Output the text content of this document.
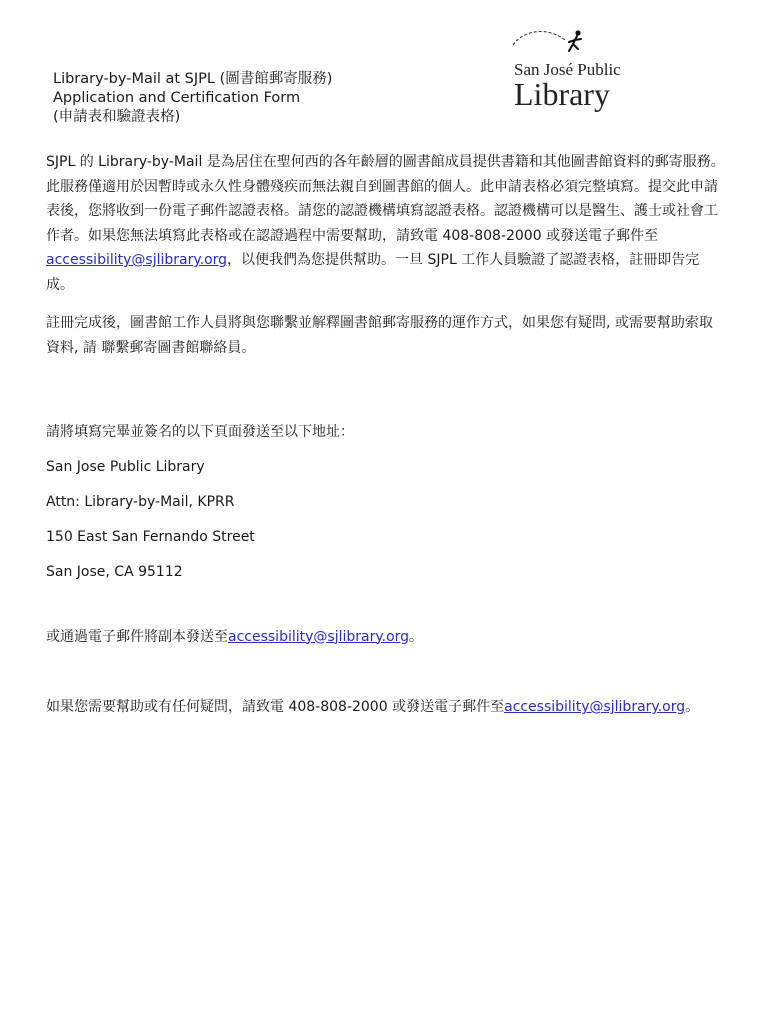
Library-by-Mail at SJPL (圖書館郵寄服務)
Application and Certification Form
(申請表和驗證表格)
San José Public
Library

SJPL 的 Library-by-Mail 是為居住在聖何西的各年齡層的圖書館成員提供書籍和其他圖書館資料的郵寄服務。此服務僅適用於因暫時或永久性身體殘疾而無法親自到圖書館的個人。此申請表格必須完整填寫。提交此申請表後，您將收到一份電子郵件認證表格。請您的認證機構填寫認證表格。認證機構可以是醫生、護士或社會工作者。如果您無法填寫此表格或在認證過程中需要幫助，請致電 408-808-2000 或發送電子郵件至accessibility@sjlibrary.org，以便我們為您提供幫助。一旦 SJPL 工作人員驗證了認證表格，註冊即告完成。

註冊完成後，圖書館工作人員將與您聯繫並解釋圖書館郵寄服務的運作方式，如果您有疑問, 或需要幫助索取資料, 請 聯繫郵寄圖書館聯絡員。

請將填寫完畢並簽名的以下頁面發送至以下地址：

San Jose Public Library

Attn: Library-by-Mail, KPRR

150 East San Fernando Street

San Jose, CA 95112

或通過電子郵件將副本發送至accessibility@sjlibrary.org。

如果您需要幫助或有任何疑問，請致電 408-808-2000 或發送電子郵件至accessibility@sjlibrary.org。
